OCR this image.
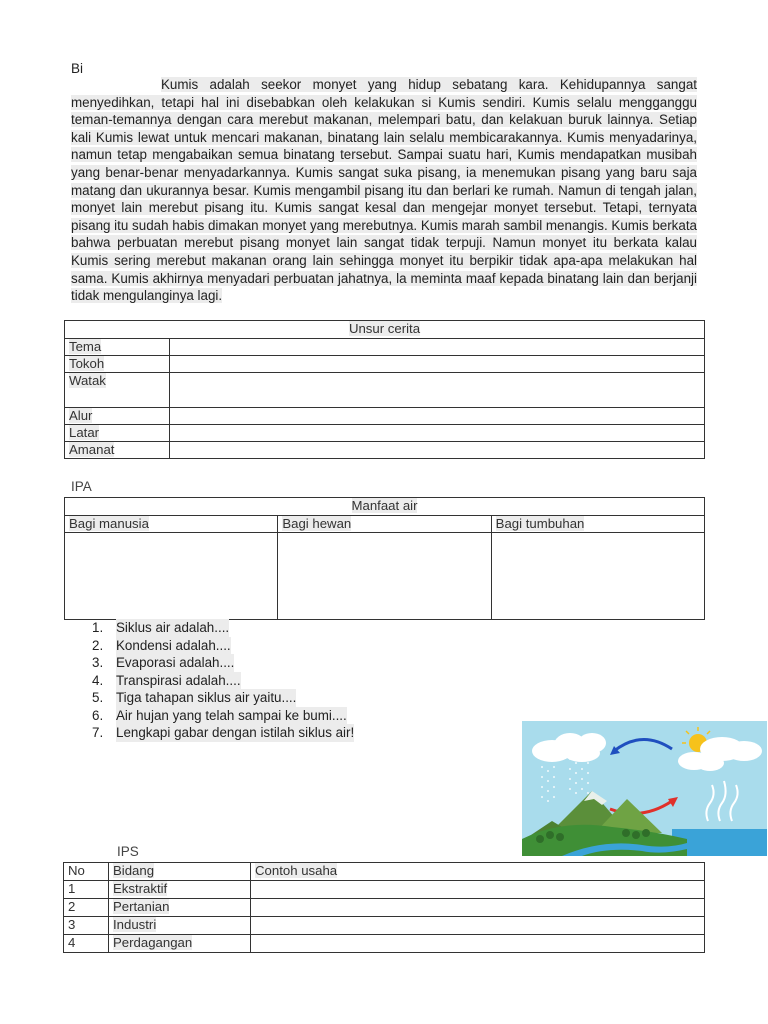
Bi

Kumis adalah seekor monyet yang hidup sebatang kara. Kehidupannya sangat menyedihkan, tetapi hal ini disebabkan oleh kelakukan si Kumis sendiri. Kumis selalu mengganggu teman-temannya dengan cara merebut makanan, melempari batu, dan kelakuan buruk lainnya. Setiap kali Kumis lewat untuk mencari makanan, binatang lain selalu membicarakannya. Kumis menyadarinya, namun tetap mengabaikan semua binatang tersebut. Sampai suatu hari, Kumis mendapatkan musibah yang benar-benar menyadarkannya. Kumis sangat suka pisang, ia menemukan pisang yang baru saja matang dan ukurannya besar. Kumis mengambil pisang itu dan berlari ke rumah. Namun di tengah jalan, monyet lain merebut pisang itu. Kumis sangat kesal dan mengejar monyet tersebut. Tetapi, ternyata pisang itu sudah habis dimakan monyet yang merebutnya. Kumis marah sambil menangis. Kumis berkata bahwa perbuatan merebut pisang monyet lain sangat tidak terpuji. Namun monyet itu berkata kalau Kumis sering merebut makanan orang lain sehingga monyet itu berpikir tidak apa-apa melakukan hal sama. Kumis akhirnya menyadari perbuatan jahatnya, la meminta maaf kepada binatang lain dan berjanji tidak mengulanginya lagi.

Unsur cerita	
Tema	
Tokoh	
Watak	
Alur	
Latar	
Amanat	
IPA
Manfaat air		
Bagi manusia	Bagi hewan	Bagi tumbuhan

1. Siklus air adalah....
2. Kondensi adalah....
3. Evaporasi adalah....
4. Transpirasi adalah....
5. Tiga tahapan siklus air yaitu....
6. Air hujan yang telah sampai ke bumi....
7. Lengkapi gabar dengan istilah siklus air!
IPS
No	Bidang	Contoh usaha
1	Ekstraktif	
2	Pertanian	
3	Industri	
4	Perdagangan	
